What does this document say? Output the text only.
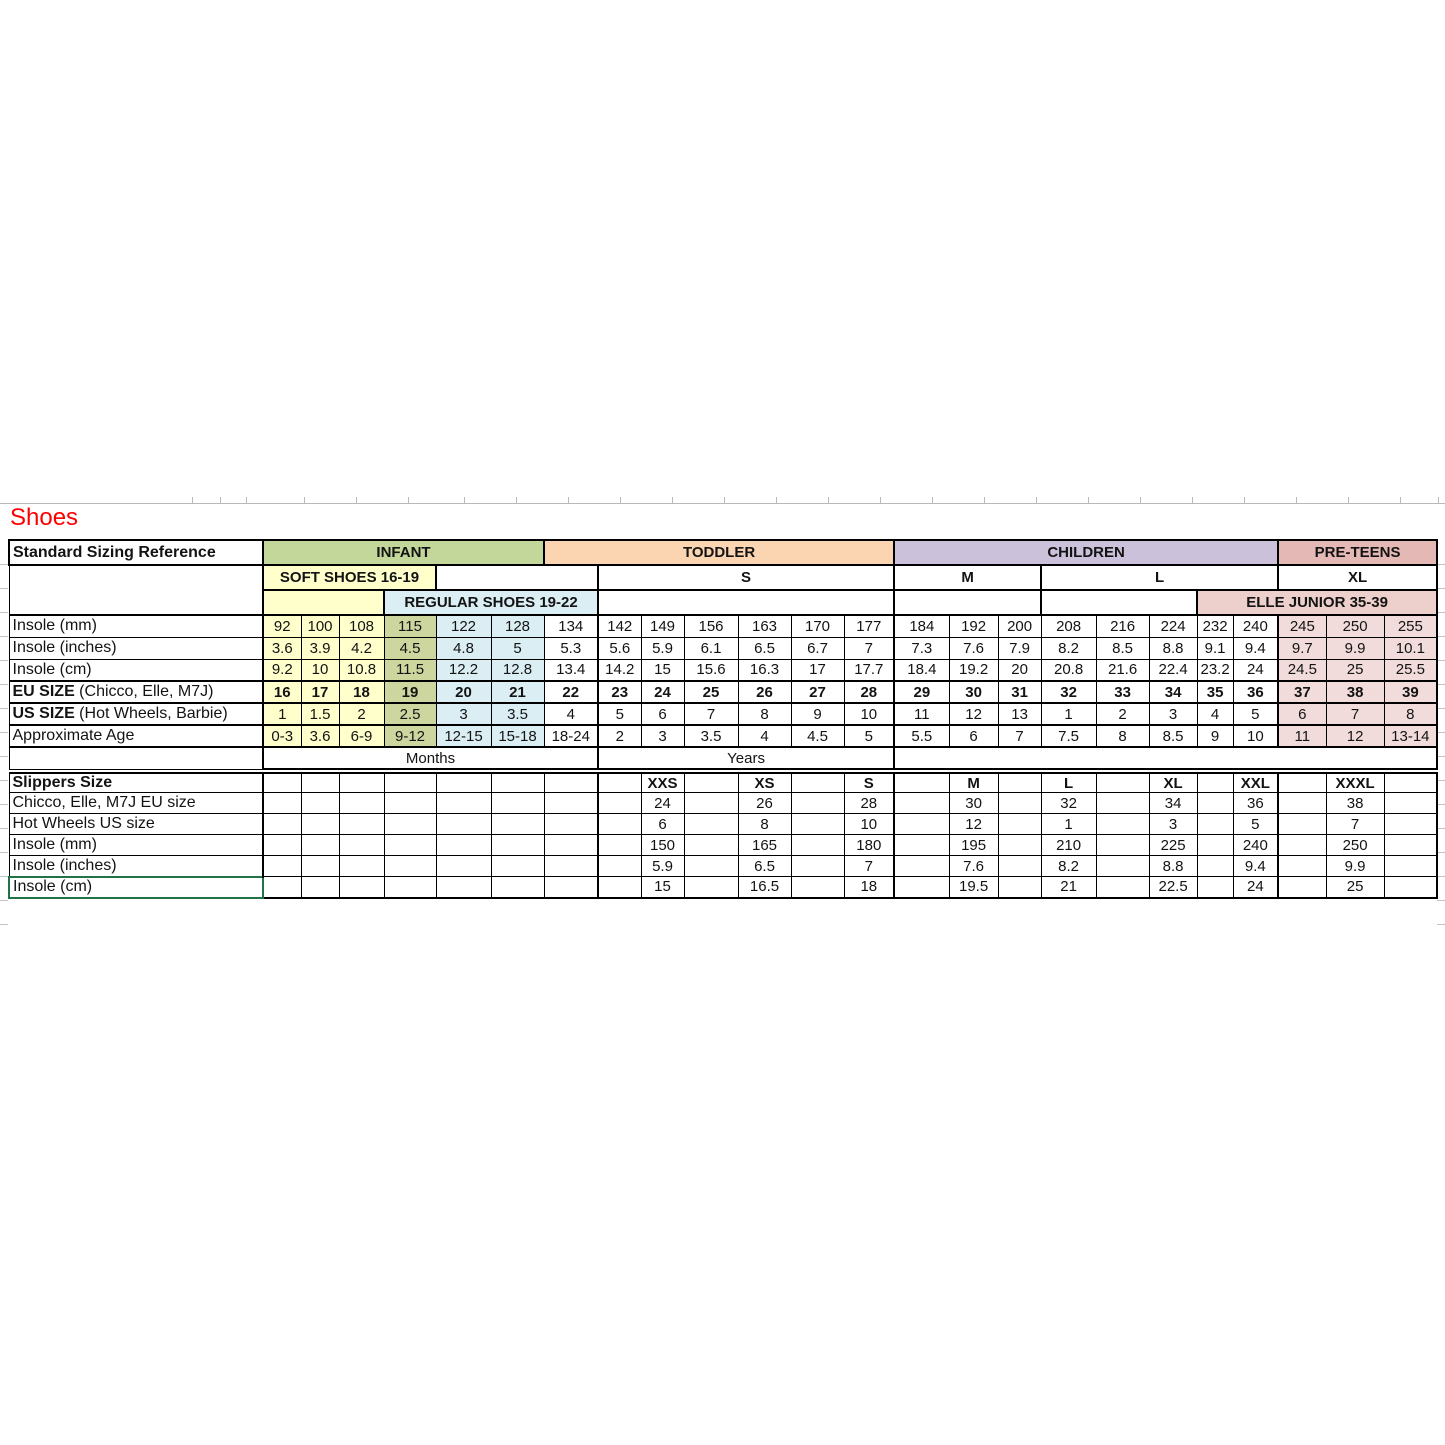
Shoes
Standard Sizing Reference	INFANT						TODDLER							CHILDREN								PRE-TEENS		
	SOFT SHOES 16-19							S						M			L					XL		
				REGULAR SHOES 19-22																ELLE JUNIOR 35-39				
Insole (mm)	92	100	108	115	122	128	134	142	149	156	163	170	177	184	192	200	208	216	224	232	240	245	250	255
Insole (inches)	3.6	3.9	4.2	4.5	4.8	5	5.3	5.6	5.9	6.1	6.5	6.7	7	7.3	7.6	7.9	8.2	8.5	8.8	9.1	9.4	9.7	9.9	10.1
Insole (cm)	9.2	10	10.8	11.5	12.2	12.8	13.4	14.2	15	15.6	16.3	17	17.7	18.4	19.2	20	20.8	21.6	22.4	23.2	24	24.5	25	25.5
EU SIZE (Chicco, Elle, M7J)	16	17	18	19	20	21	22	23	24	25	26	27	28	29	30	31	32	33	34	35	36	37	38	39
US SIZE (Hot Wheels, Barbie)	1	1.5	2	2.5	3	3.5	4	5	6	7	8	9	10	11	12	13	1	2	3	4	5	6	7	8
Approximate Age	0-3	3.6	6-9	9-12	12-15	15-18	18-24	2	3	3.5	4	4.5	5	5.5	6	7	7.5	8	8.5	9	10	11	12	13-14
	Months							Years																

Slippers Size									XXS		XS		S		M		L		XL		XXL		XXXL	
Chicco, Elle, M7J EU size									24		26		28		30		32		34		36		38	
Hot Wheels US size									6		8		10		12		1		3		5		7	
Insole (mm)									150		165		180		195		210		225		240		250	
Insole (inches)									5.9		6.5		7		7.6		8.2		8.8		9.4		9.9	
Insole (cm)									15		16.5		18		19.5		21		22.5		24		25	
